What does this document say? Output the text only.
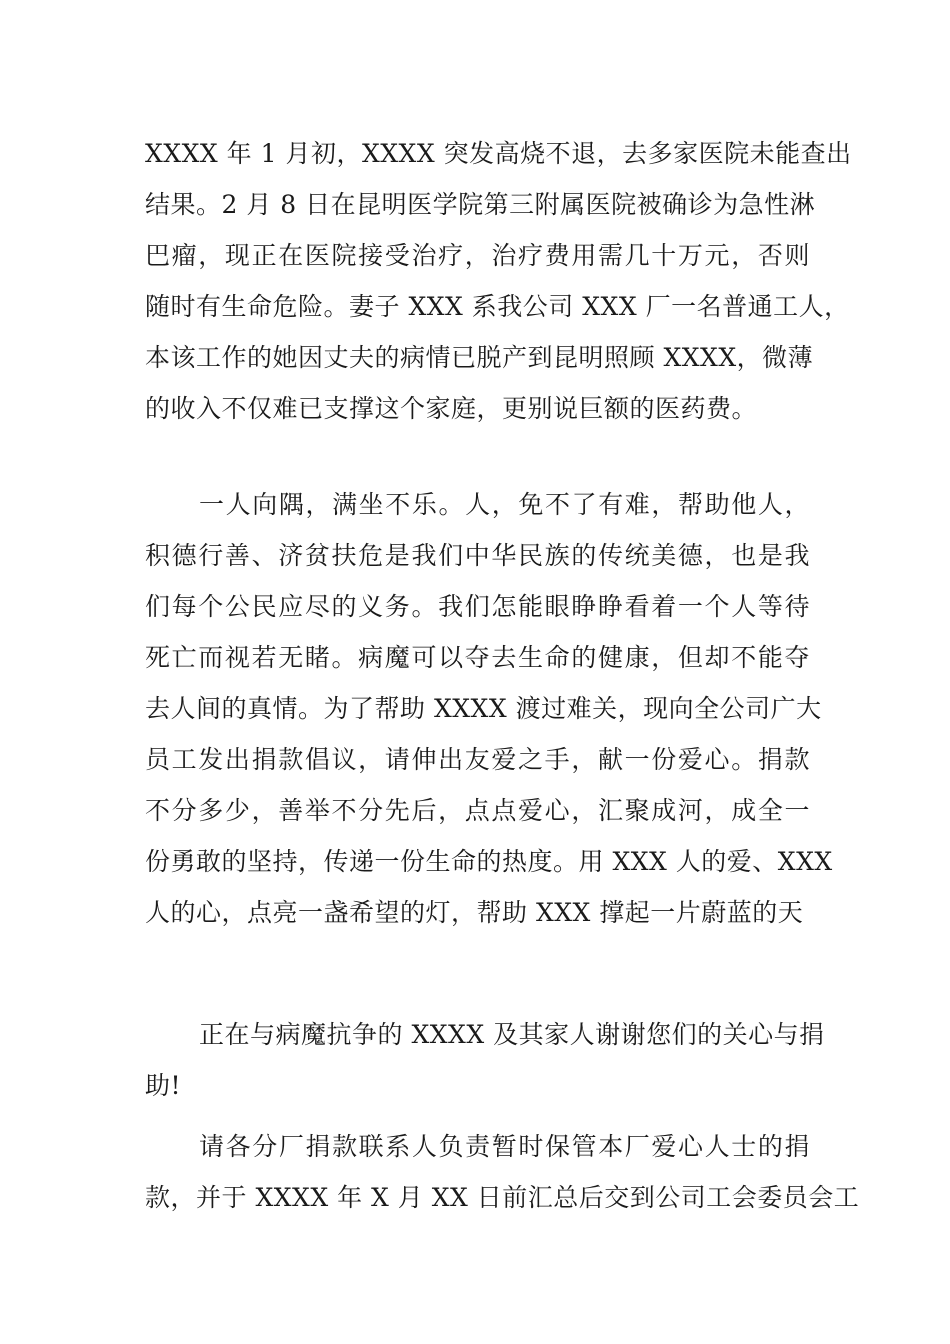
XXXX 年 1 月初，XXXX 突发高烧不退，去多家医院未能查出
结果。2 月 8 日在昆明医学院第三附属医院被确诊为急性淋
巴瘤，现正在医院接受治疗，治疗费用需几十万元，否则
随时有生命危险。妻子 XXX 系我公司 XXX 厂一名普通工人，
本该工作的她因丈夫的病情已脱产到昆明照顾 XXXX，微薄
的收入不仅难已支撑这个家庭，更别说巨额的医药费。
一人向隅，满坐不乐。人，免不了有难，帮助他人，
积德行善、济贫扶危是我们中华民族的传统美德，也是我
们每个公民应尽的义务。我们怎能眼睁睁看着一个人等待
死亡而视若无睹。病魔可以夺去生命的健康，但却不能夺
去人间的真情。为了帮助 XXXX 渡过难关，现向全公司广大
员工发出捐款倡议，请伸出友爱之手，献一份爱心。捐款
不分多少，善举不分先后，点点爱心，汇聚成河，成全一
份勇敢的坚持，传递一份生命的热度。用 XXX 人的爱、XXX
人的心，点亮一盏希望的灯，帮助 XXX 撑起一片蔚蓝的天
正在与病魔抗争的 XXXX 及其家人谢谢您们的关心与捐
助!
请各分厂捐款联系人负责暂时保管本厂爱心人士的捐
款，并于 XXXX 年 X 月 XX 日前汇总后交到公司工会委员会工
